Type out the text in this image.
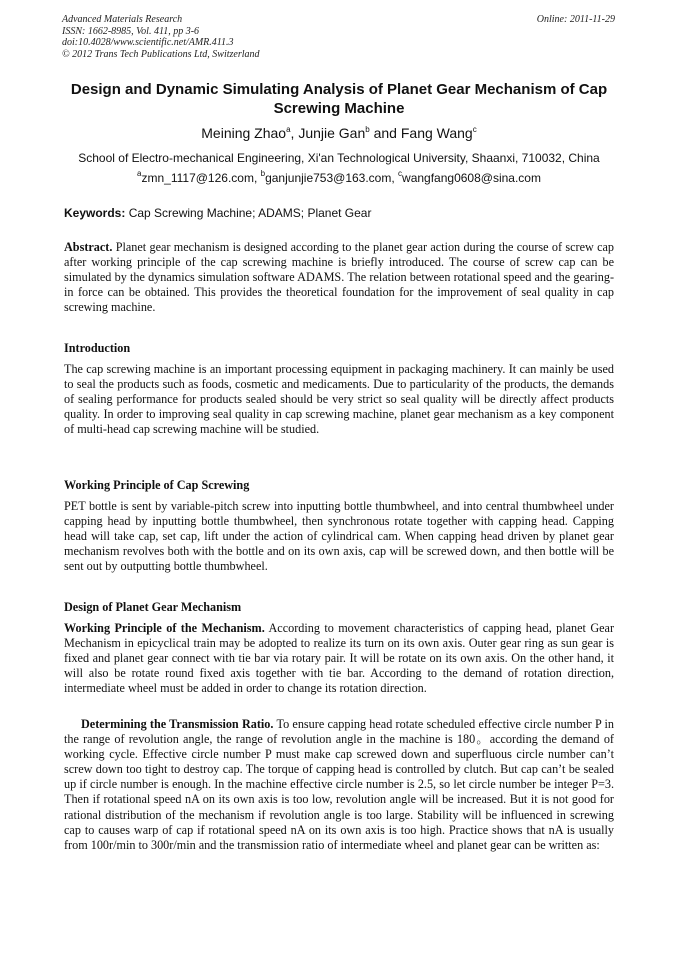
Advanced Materials Research
ISSN: 1662-8985, Vol. 411, pp 3-6
doi:10.4028/www.scientific.net/AMR.411.3
© 2012 Trans Tech Publications Ltd, Switzerland
Online: 2011-11-29
Design and Dynamic Simulating Analysis of Planet Gear Mechanism of Cap Screwing Machine
Meining Zhao$^a$, Junjie Gan$^b$ and Fang Wang$^c$
School of Electro-mechanical Engineering, Xi'an Technological University, Shaanxi, 710032, China
$^a$zmn_1117@126.com, $^b$ganjunjie753@163.com, $^c$wangfang0608@sina.com
Keywords: Cap Screwing Machine; ADAMS; Planet Gear
Abstract. Planet gear mechanism is designed according to the planet gear action during the course of screw cap after working principle of the cap screwing machine is briefly introduced. The course of screw cap can be simulated by the dynamics simulation software ADAMS. The relation between rotational speed and the gearing-in force can be obtained. This provides the theoretical foundation for the improvement of seal quality in cap screwing machine.
Introduction
The cap screwing machine is an important processing equipment in packaging machinery. It can mainly be used to seal the products such as foods, cosmetic and medicaments. Due to particularity of the products, the demands of sealing performance for products sealed should be very strict so seal quality will be directly affect products quality. In order to improving seal quality in cap screwing machine, planet gear mechanism as a key component of multi-head cap screwing machine will be studied.
Working Principle of Cap Screwing
PET bottle is sent by variable-pitch screw into inputting bottle thumbwheel, and into central thumbwheel under capping head by inputting bottle thumbwheel, then synchronous rotate together with capping head. Capping head will take cap, set cap, lift under the action of cylindrical cam. When capping head driven by planet gear mechanism revolves both with the bottle and on its own axis, cap will be screwed down, and then bottle will be sent out by outputting bottle thumbwheel.
Design of Planet Gear Mechanism
Working Principle of the Mechanism. According to movement characteristics of capping head, planet Gear Mechanism in epicyclical train may be adopted to realize its turn on its own axis. Outer gear ring as sun gear is fixed and planet gear connect with tie bar via rotary pair. It will be rotate on its own axis. On the other hand, it will also be rotate round fixed axis together with tie bar. According to the demand of rotation direction, intermediate wheel must be added in order to change its rotation direction.
Determining the Transmission Ratio. To ensure capping head rotate scheduled effective circle number P in the range of revolution angle, the range of revolution angle in the machine is 180。according the demand of working cycle. Effective circle number P must make cap screwed down and superfluous circle number can’t screw down too tight to destroy cap. The torque of capping head is controlled by clutch. But cap can’t be sealed up if circle number is enough. In the machine effective circle number is 2.5, so let circle number be integer P=3. Then if rotational speed nA on its own axis is too low, revolution angle will be increased. But it is not good for rational distribution of the mechanism if revolution angle is too large. Stability will be influenced in screwing cap to causes warp of cap if rotational speed nA on its own axis is too high. Practice shows that nA is usually from 100r/min to 300r/min and the transmission ratio of intermediate wheel and planet gear can be written as:
